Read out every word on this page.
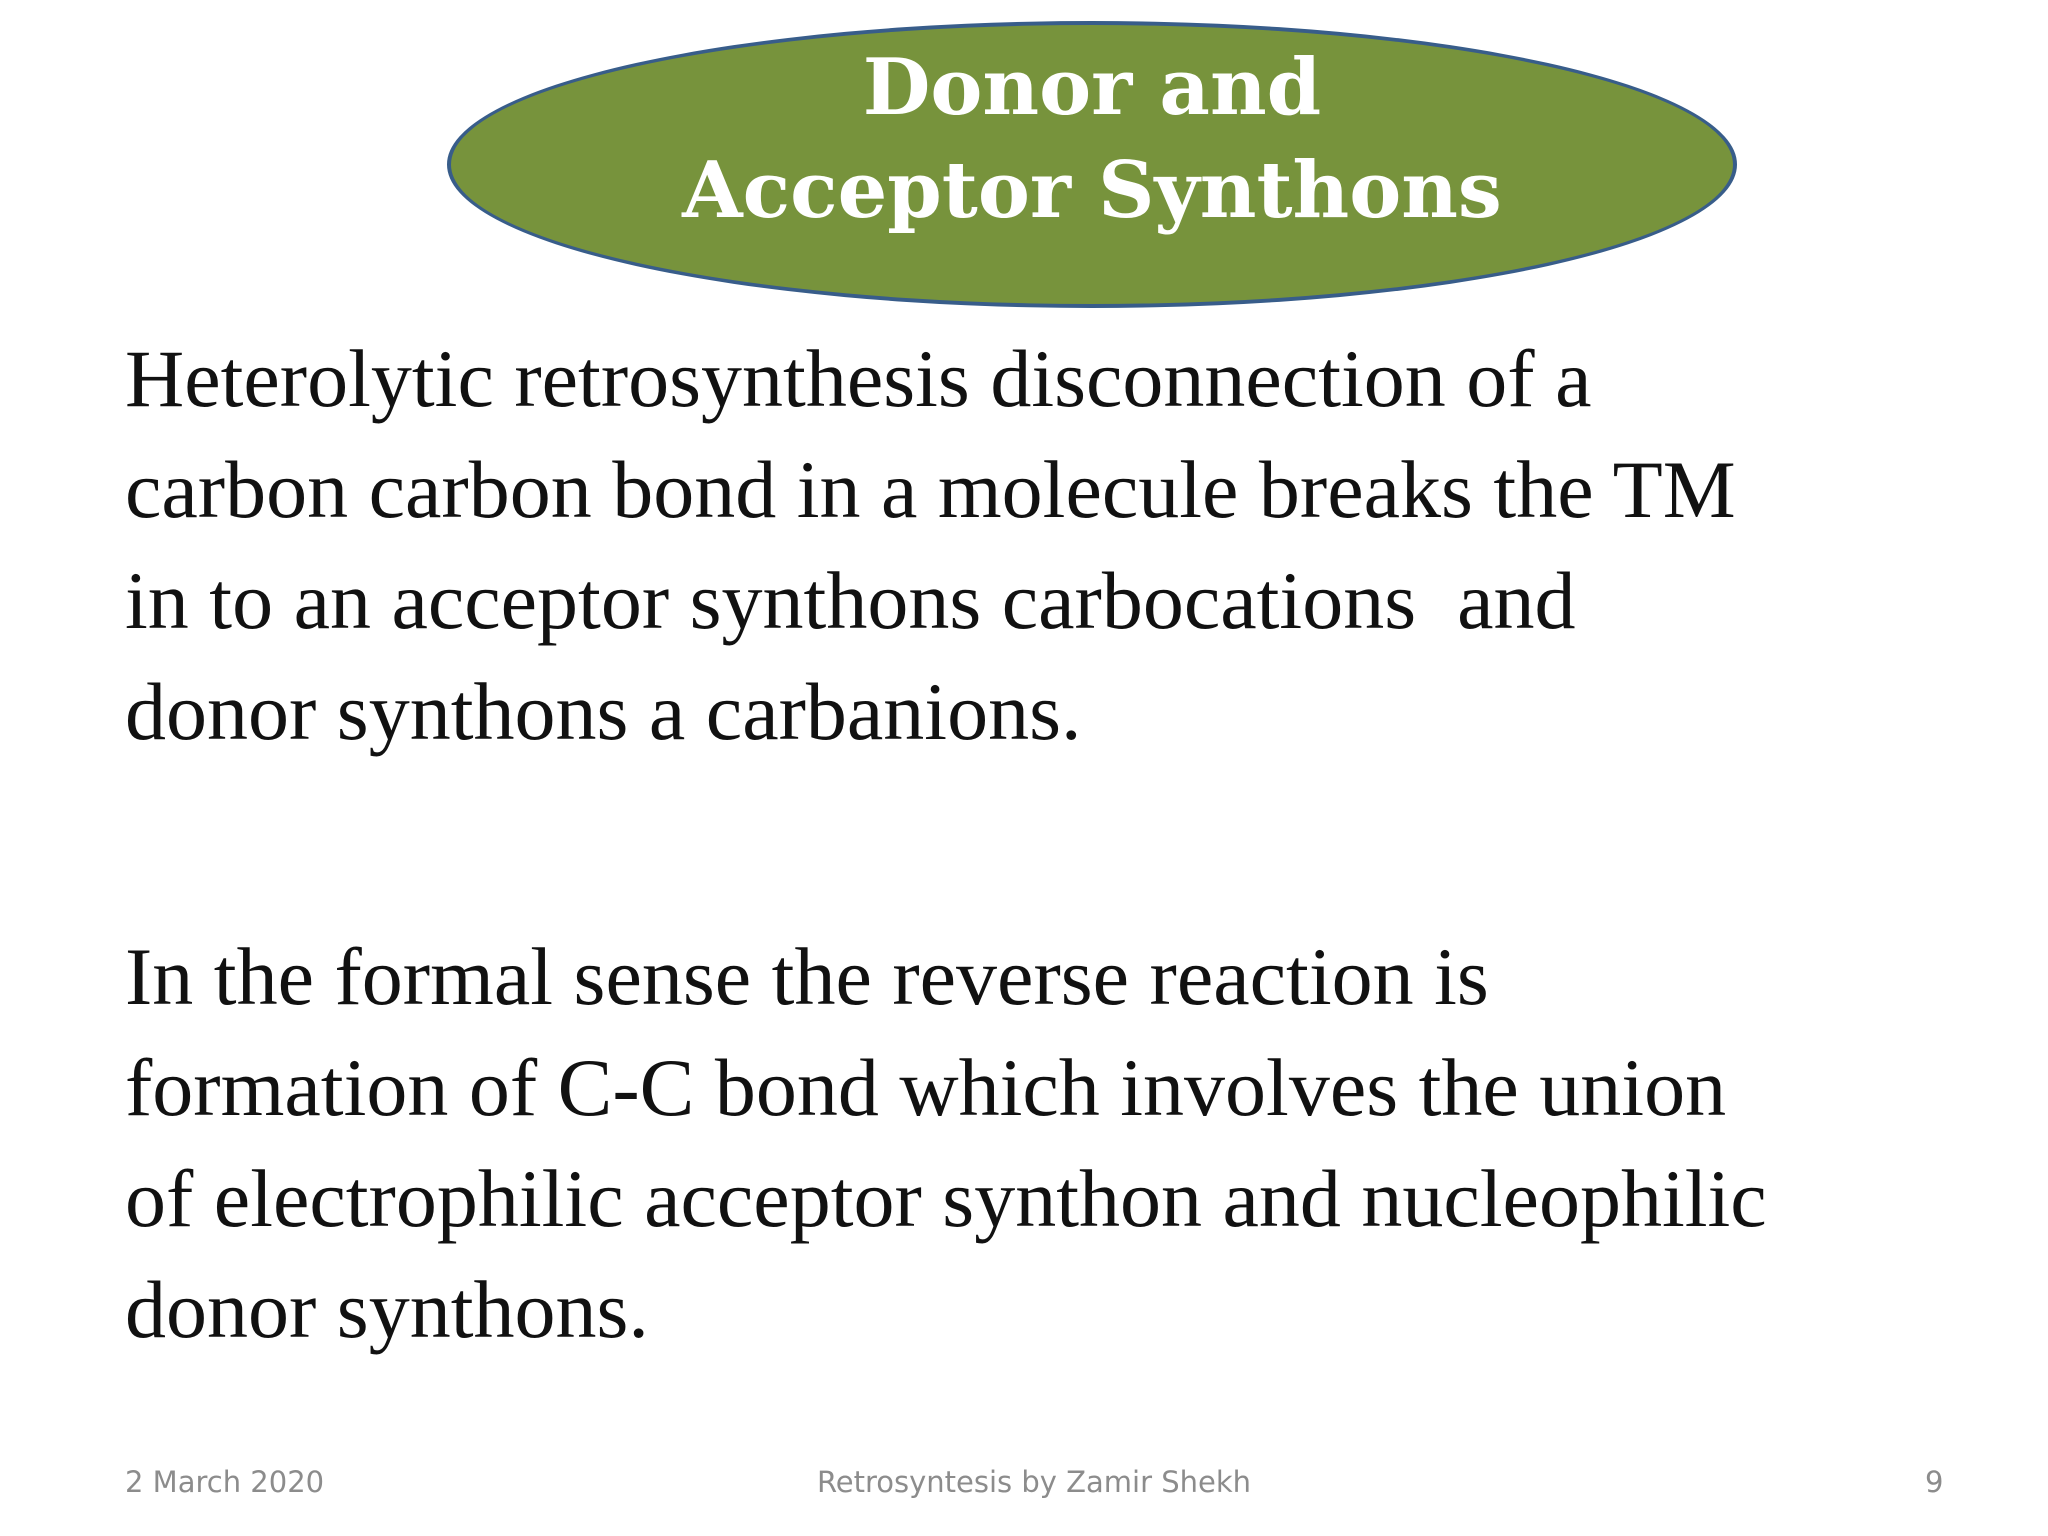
Donor and
Acceptor Synthons
Heterolytic retrosynthesis disconnection of a
carbon carbon bond in a molecule breaks the TM
in to an acceptor synthons carbocations  and
donor synthons a carbanions.
In the formal sense the reverse reaction is
formation of C-C bond which involves the union
of electrophilic acceptor synthon and nucleophilic
donor synthons.
2 March 2020	Retrosyntesis by Zamir Shekh	9
